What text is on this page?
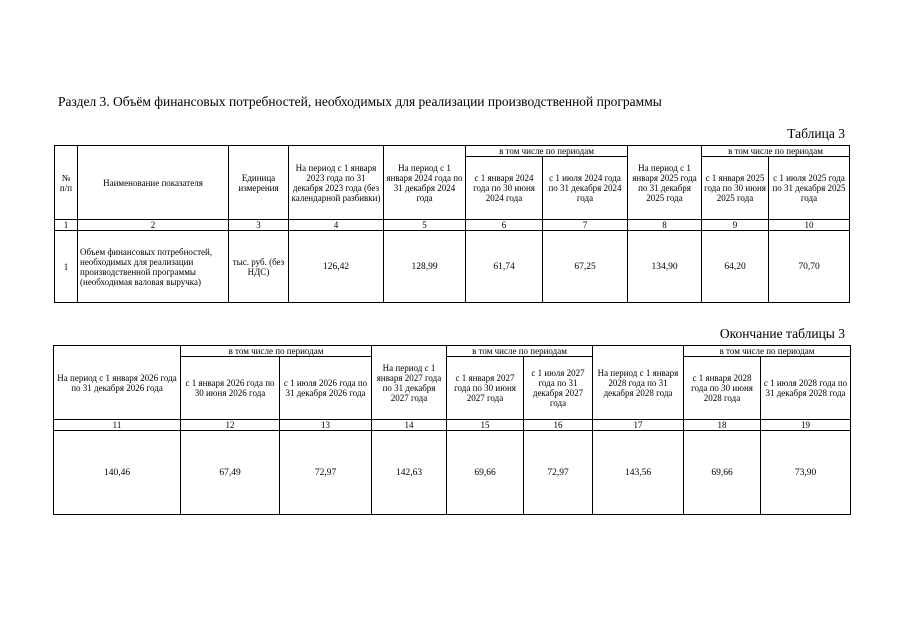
Раздел 3. Объём финансовых потребностей, необходимых для реализации производственной программы
Таблица 3
№
п/п	Наименование показателя	Единица измерения	На период с 1 января 2023 года по 31 декабря 2023 года (без календарной разбивки)	На период с 1 января 2024 года по 31 декабря 2024 года	в том числе по периодам		На период с 1 января 2025 года по 31 декабря 2025 года	в том числе по периодам	
					с 1 января 2024 года по 30 июня 2024 года	с 1 июля 2024 года по 31 декабря 2024 года		с 1 января 2025 года по 30 июня 2025 года	с 1 июля 2025 года по 31 декабря 2025 года
1	2	3	4	5	6	7	8	9	10
1	Объем финансовых потребностей, необходимых для реализации производственной программы (необходимая валовая выручка)	тыс. руб. (без НДС)	126,42	128,99	61,74	67,25	134,90	64,20	70,70
Окончание таблицы 3
На период с 1 января 2026 года по 31 декабря 2026 года	в том числе по периодам		На период с 1 января 2027 года по 31 декабря 2027 года	в том числе по периодам		На период с 1 января 2028 года по 31 декабря 2028 года	в том числе по периодам	
	с 1 января 2026 года по 30 июня 2026 года	с 1 июля 2026 года по 31 декабря 2026 года		с 1 января 2027 года по 30 июня 2027 года	с 1 июля 2027 года по 31 декабря 2027 года		с 1 января 2028 года по 30 июня 2028 года	с 1 июля 2028 года по 31 декабря 2028 года
11	12	13	14	15	16	17	18	19
140,46	67,49	72,97	142,63	69,66	72,97	143,56	69,66	73,90
